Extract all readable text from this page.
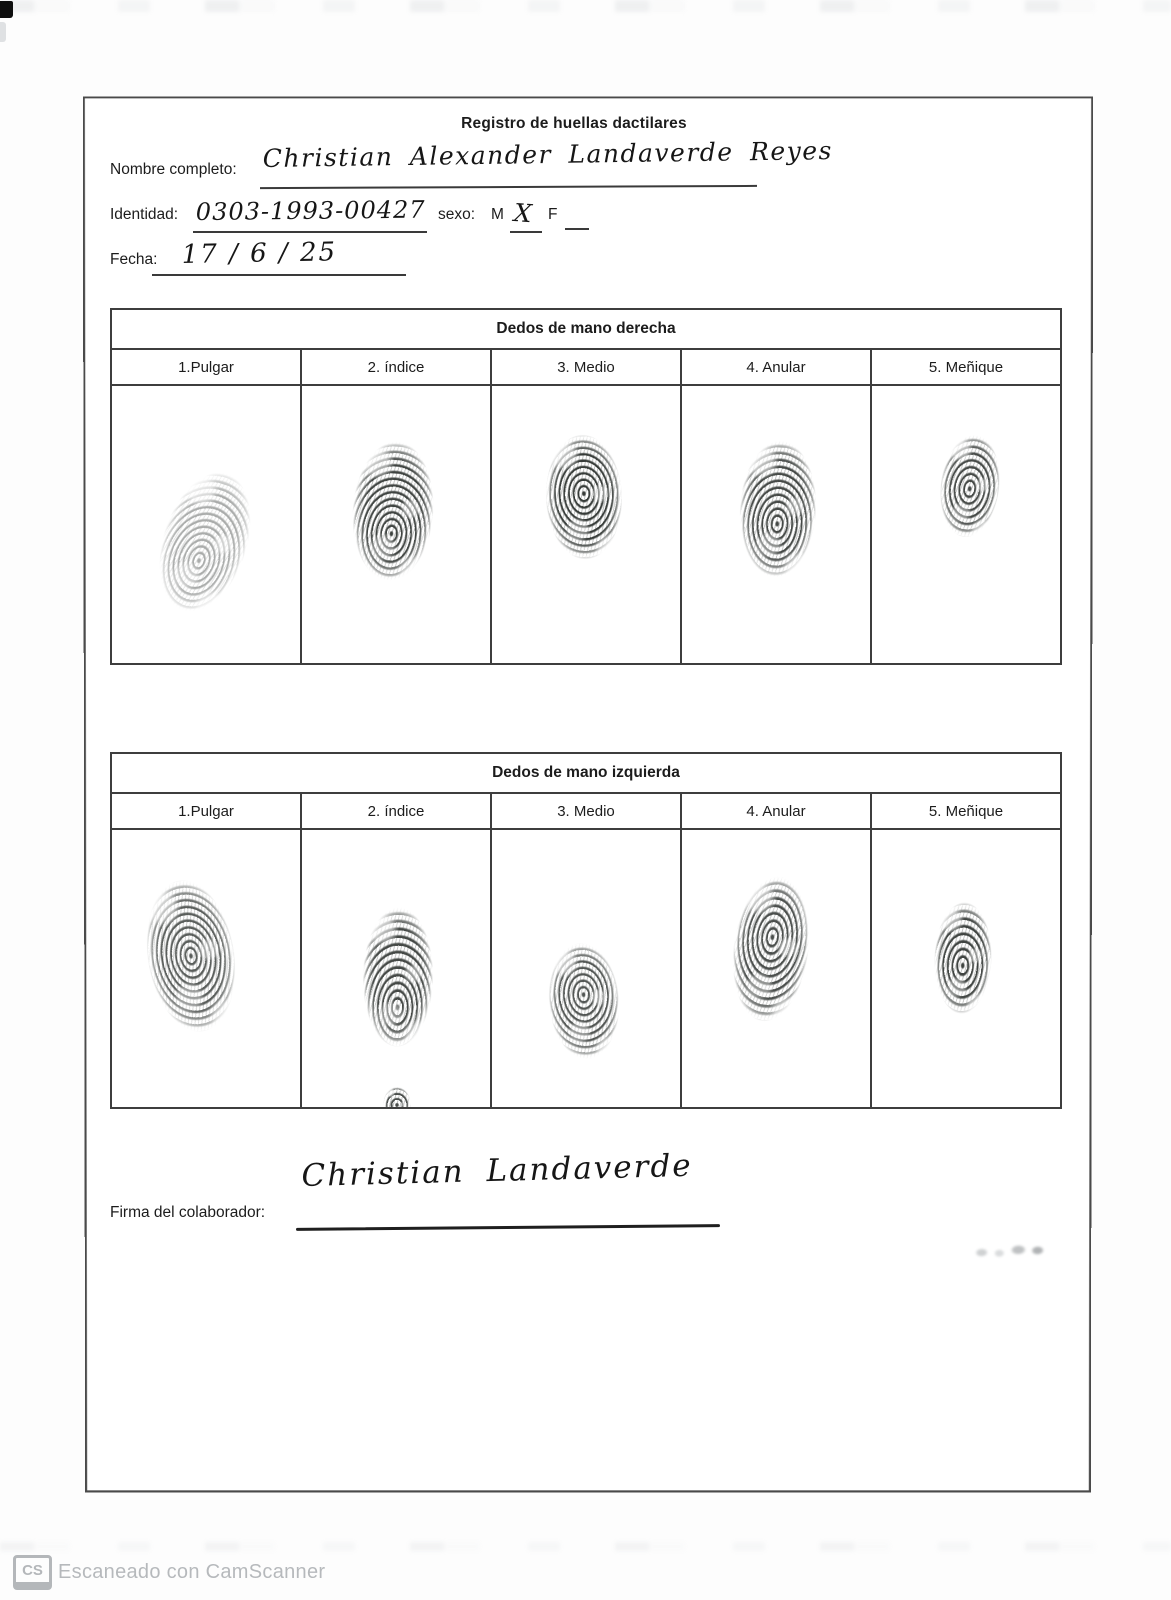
Registro de huellas dactilares
Nombre completo: Christian Alexander Landaverde Reyes
Identidad: 0303-1993-00427 sexo: M X F
Fecha: 17 / 6 / 25
Dedos de mano derecha
1.Pulgar	2. índice	3. Medio	4. Anular	5. Meñique
Dedos de mano izquierda
1.Pulgar	2. índice	3. Medio	4. Anular	5. Meñique
Firma del colaborador:
Christian Landaverde
CS Escaneado con CamScanner
